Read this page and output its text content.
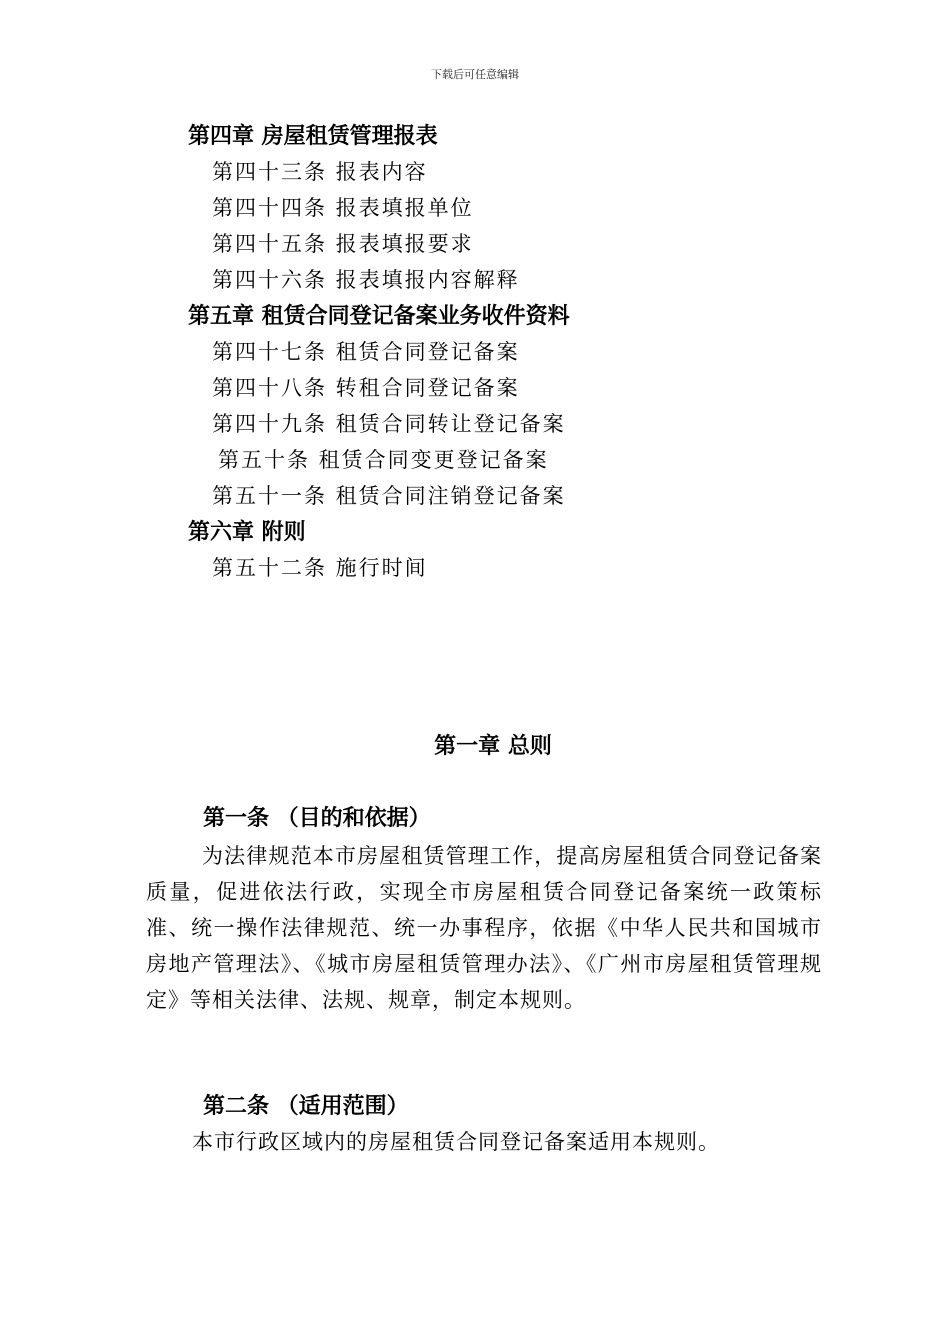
下载后可任意编辑
第四章 房屋租赁管理报表
第四十三条 报表内容
第四十四条 报表填报单位
第四十五条 报表填报要求
第四十六条 报表填报内容解释
第五章 租赁合同登记备案业务收件资料
第四十七条 租赁合同登记备案
第四十八条 转租合同登记备案
第四十九条 租赁合同转让登记备案
第五十条 租赁合同变更登记备案
第五十一条 租赁合同注销登记备案
第六章 附则
第五十二条 施行时间
第一章 总则
第一条 （目的和依据）
为法律规范本市房屋租赁管理工作，提高房屋租赁合同登记备案质量，促进依法行政，实现全市房屋租赁合同登记备案统一政策标准、统一操作法律规范、统一办事程序，依据《中华人民共和国城市房地产管理法》、《城市房屋租赁管理办法》、《广州市房屋租赁管理规定》等相关法律、法规、规章，制定本规则。
第二条 （适用范围）
本市行政区域内的房屋租赁合同登记备案适用本规则。
